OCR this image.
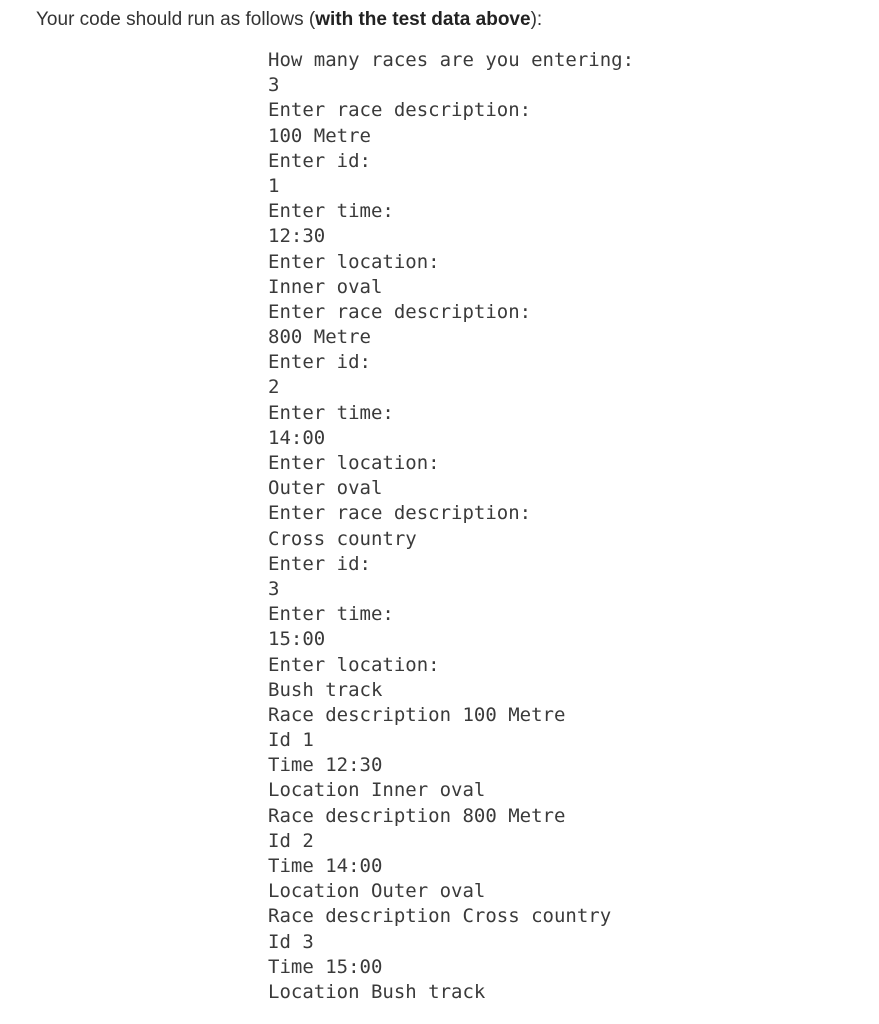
Your code should run as follows (with the test data above):

How many races are you entering:
3
Enter race description:
100 Metre
Enter id:
1
Enter time:
12:30
Enter location:
Inner oval
Enter race description:
800 Metre
Enter id:
2
Enter time:
14:00
Enter location:
Outer oval
Enter race description:
Cross country
Enter id:
3
Enter time:
15:00
Enter location:
Bush track
Race description 100 Metre
Id 1
Time 12:30
Location Inner oval
Race description 800 Metre
Id 2
Time 14:00
Location Outer oval
Race description Cross country
Id 3
Time 15:00
Location Bush track
